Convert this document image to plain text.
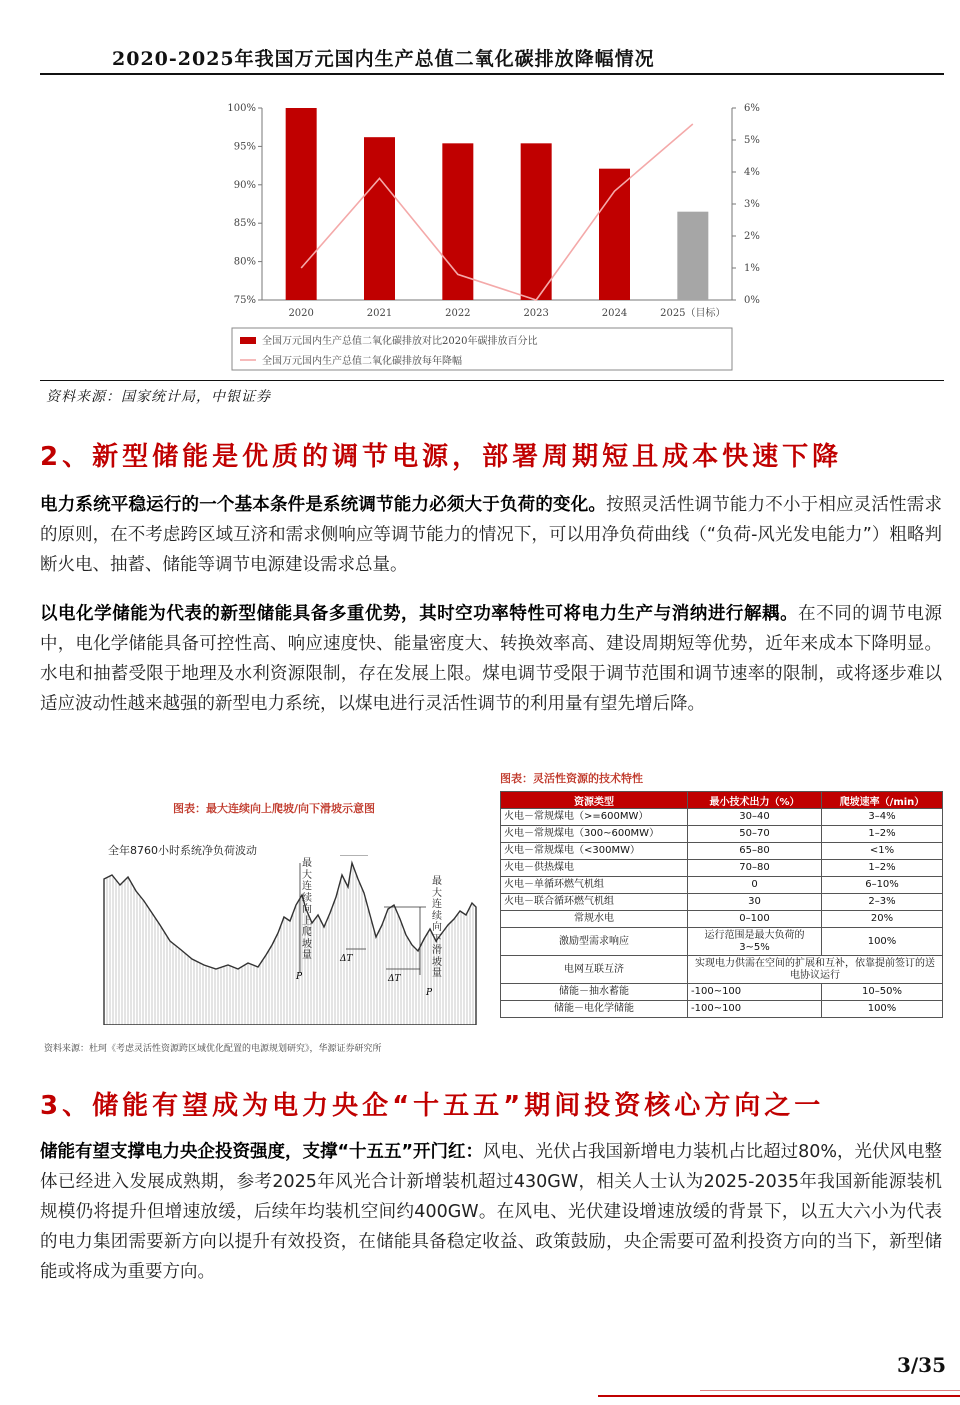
2020-2025年我国万元国内生产总值二氧化碳排放降幅情况
100%
95%
90%
85%
80%
75%
6%
5%
4%
3%
2%
1%
0%
2020	2021	2022	2023	2024	2025（目标）
全国万元国内生产总值二氧化碳排放对比2020年碳排放百分比
全国万元国内生产总值二氧化碳排放每年降幅
资料来源：国家统计局，中银证券
2、新型储能是优质的调节电源，部署周期短且成本快速下降
电力系统平稳运行的一个基本条件是系统调节能力必须大于负荷的变化。按照灵活性调节能力不小于相应灵活性需求的原则，在不考虑跨区域互济和需求侧响应等调节能力的情况下，可以用净负荷曲线（“负荷-风光发电能力”）粗略判断火电、抽蓄、储能等调节电源建设需求总量。
以电化学储能为代表的新型储能具备多重优势，其时空功率特性可将电力生产与消纳进行解耦。在不同的调节电源中，电化学储能具备可控性高、响应速度快、能量密度大、转换效率高、建设周期短等优势，近年来成本下降明显。水电和抽蓄受限于地理及水利资源限制，存在发展上限。煤电调节受限于调节范围和调节速率的限制，或将逐步难以适应波动性越来越强的新型电力系统，以煤电进行灵活性调节的利用量有望先增后降。
图表：最大连续向上爬坡/向下滑坡示意图
全年8760小时系统净负荷波动
ΔT
ΔT
P
P
最大连续向上爬坡量
最大连续向下滑坡量
资料来源：杜珂《考虑灵活性资源跨区域优化配置的电源规划研究》，华源证券研究所
图表：灵活性资源的技术特性
资源类型	最小技术出力（%）	爬坡速率（/min）
火电－常规煤电（>=600MW）	30–40	3–4%
火电－常规煤电（300~600MW）	50–70	1–2%
火电－常规煤电（<300MW）	65–80	<1%
火电－供热煤电	70–80	1–2%
火电－单循环燃气机组	0	6–10%
火电－联合循环燃气机组	30	2–3%
常规水电	0–100	20%
激励型需求响应	运行范围是最大负荷的3~5%	100%
电网互联互济	实现电力供需在空间的扩展和互补，依靠提前签订的送电协议运行	
储能－抽水蓄能	-100~100	10–50%
储能－电化学储能	-100~100	100%
3、储能有望成为电力央企“十五五”期间投资核心方向之一
储能有望支撑电力央企投资强度，支撑“十五五”开门红：风电、光伏占我国新增电力装机占比超过80%，光伏风电整体已经进入发展成熟期，参考2025年风光合计新增装机超过430GW，相关人士认为2025-2035年我国新能源装机规模仍将提升但增速放缓，后续年均装机空间约400GW。在风电、光伏建设增速放缓的背景下，以五大六小为代表的电力集团需要新方向以提升有效投资，在储能具备稳定收益、政策鼓励，央企需要可盈利投资方向的当下，新型储能或将成为重要方向。
3/35
